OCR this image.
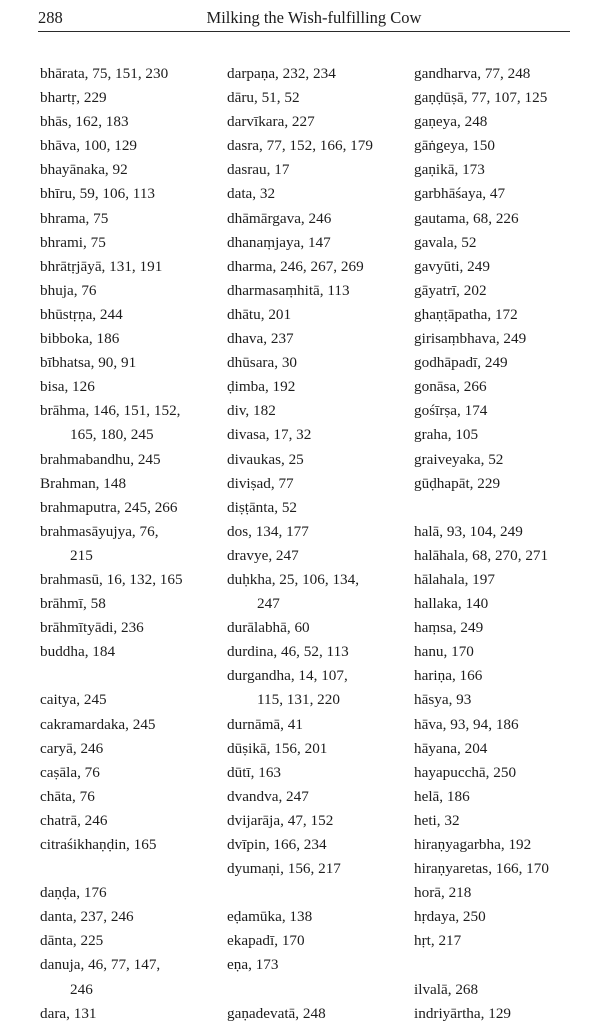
288	Milking the Wish-fulfilling Cow
bhārata, 75, 151, 230
bhartṛ, 229
bhās, 162, 183
bhāva, 100, 129
bhayānaka, 92
bhīru, 59, 106, 113
bhrama, 75
bhrami, 75
bhrātṛjāyā, 131, 191
bhuja, 76
bhūstṛṇa, 244
bibboka, 186
bībhatsa, 90, 91
bisa, 126
brāhma, 146, 151, 152,
165, 180, 245
brahmabandhu, 245
Brahman, 148
brahmaputra, 245, 266
brahmasāyujya, 76,
215
brahmasū, 16, 132, 165
brāhmī, 58
brāhmītyādi, 236
buddha, 184
caitya, 245
cakramardaka, 245
caryā, 246
caṣāla, 76
chāta, 76
chatrā, 246
citraśikhaṇḍin, 165
daṇḍa, 176
danta, 237, 246
dānta, 225
danuja, 46, 77, 147,
246
dara, 131
darpaṇa, 232, 234
dāru, 51, 52
darvīkara, 227
dasra, 77, 152, 166, 179
dasrau, 17
data, 32
dhāmārgava, 246
dhanaṃjaya, 147
dharma, 246, 267, 269
dharmasaṃhitā, 113
dhātu, 201
dhava, 237
dhūsara, 30
ḍimba, 192
div, 182
divasa, 17, 32
divaukas, 25
diviṣad, 77
diṣṭānta, 52
dos, 134, 177
dravye, 247
duḥkha, 25, 106, 134,
247
durālabhā, 60
durdina, 46, 52, 113
durgandha, 14, 107,
115, 131, 220
durnāmā, 41
dūṣikā, 156, 201
dūtī, 163
dvandva, 247
dvijarāja, 47, 152
dvīpin, 166, 234
dyumaṇi, 156, 217
eḍamūka, 138
ekapadī, 170
eṇa, 173
gaṇadevatā, 248
gandharva, 77, 248
gaṇḍūṣā, 77, 107, 125
gaṇeya, 248
gāṅgeya, 150
gaṇikā, 173
garbhāśaya, 47
gautama, 68, 226
gavala, 52
gavyūti, 249
gāyatrī, 202
ghaṇṭāpatha, 172
girisaṃbhava, 249
godhāpadī, 249
gonāsa, 266
gośīrṣa, 174
graha, 105
graiveyaka, 52
gūḍhapāt, 229
halā, 93, 104, 249
halāhala, 68, 270, 271
hālahala, 197
hallaka, 140
haṃsa, 249
hanu, 170
hariṇa, 166
hāsya, 93
hāva, 93, 94, 186
hāyana, 204
hayapucchā, 250
helā, 186
heti, 32
hiraṇyagarbha, 192
hiraṇyaretas, 166, 170
horā, 218
hṛdaya, 250
hṛt, 217
ilvalā, 268
indriyārtha, 129
